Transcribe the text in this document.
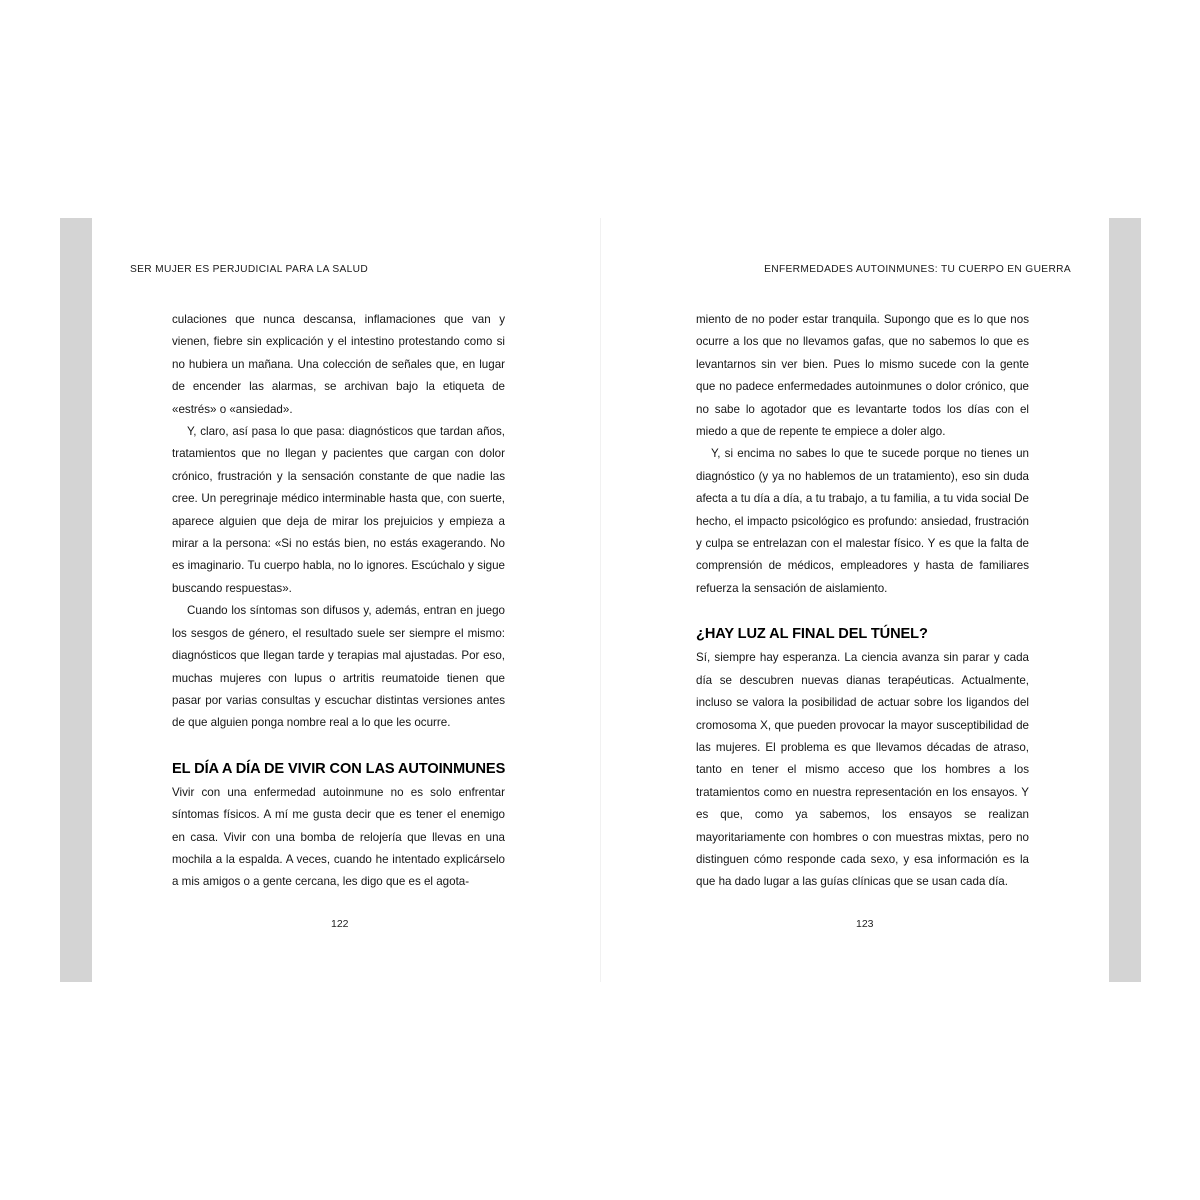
SER MUJER ES PERJUDICIAL PARA LA SALUD

culaciones que nunca descansa, inflamaciones que van y vienen, fiebre sin explicación y el intestino protestando como si no hubiera un mañana. Una colección de señales que, en lugar de encender las alarmas, se archivan bajo la etiqueta de «estrés» o «ansiedad».

Y, claro, así pasa lo que pasa: diagnósticos que tardan años, tratamientos que no llegan y pacientes que cargan con dolor crónico, frustración y la sensación constante de que nadie las cree. Un peregrinaje médico interminable hasta que, con suerte, aparece alguien que deja de mirar los prejuicios y empieza a mirar a la persona: «Si no estás bien, no estás exagerando. No es imaginario. Tu cuerpo habla, no lo ignores. Escúchalo y sigue buscando respuestas».

Cuando los síntomas son difusos y, además, entran en juego los sesgos de género, el resultado suele ser siempre el mismo: diagnósticos que llegan tarde y terapias mal ajustadas. Por eso, muchas mujeres con lupus o artritis reumatoide tienen que pasar por varias consultas y escuchar distintas versiones antes de que alguien ponga nombre real a lo que les ocurre.

EL DÍA A DÍA DE VIVIR CON LAS AUTOINMUNES

Vivir con una enfermedad autoinmune no es solo enfrentar síntomas físicos. A mí me gusta decir que es tener el enemigo en casa. Vivir con una bomba de relojería que llevas en una mochila a la espalda. A veces, cuando he intentado explicárselo a mis amigos o a gente cercana, les digo que es el agota-

122
ENFERMEDADES AUTOINMUNES: TU CUERPO EN GUERRA

miento de no poder estar tranquila. Supongo que es lo que nos ocurre a los que no llevamos gafas, que no sabemos lo que es levantarnos sin ver bien. Pues lo mismo sucede con la gente que no padece enfermedades autoinmunes o dolor crónico, que no sabe lo agotador que es levantarte todos los días con el miedo a que de repente te empiece a doler algo.

Y, si encima no sabes lo que te sucede porque no tienes un diagnóstico (y ya no hablemos de un tratamiento), eso sin duda afecta a tu día a día, a tu trabajo, a tu familia, a tu vida social De hecho, el impacto psicológico es profundo: ansiedad, frustración y culpa se entrelazan con el malestar físico. Y es que la falta de comprensión de médicos, empleadores y hasta de familiares refuerza la sensación de aislamiento.

¿HAY LUZ AL FINAL DEL TÚNEL?

Sí, siempre hay esperanza. La ciencia avanza sin parar y cada día se descubren nuevas dianas terapéuticas. Actualmente, incluso se valora la posibilidad de actuar sobre los ligandos del cromosoma X, que pueden provocar la mayor susceptibilidad de las mujeres. El problema es que llevamos décadas de atraso, tanto en tener el mismo acceso que los hombres a los tratamientos como en nuestra representación en los ensayos. Y es que, como ya sabemos, los ensayos se realizan mayoritariamente con hombres o con muestras mixtas, pero no distinguen cómo responde cada sexo, y esa información es la que ha dado lugar a las guías clínicas que se usan cada día.

123
